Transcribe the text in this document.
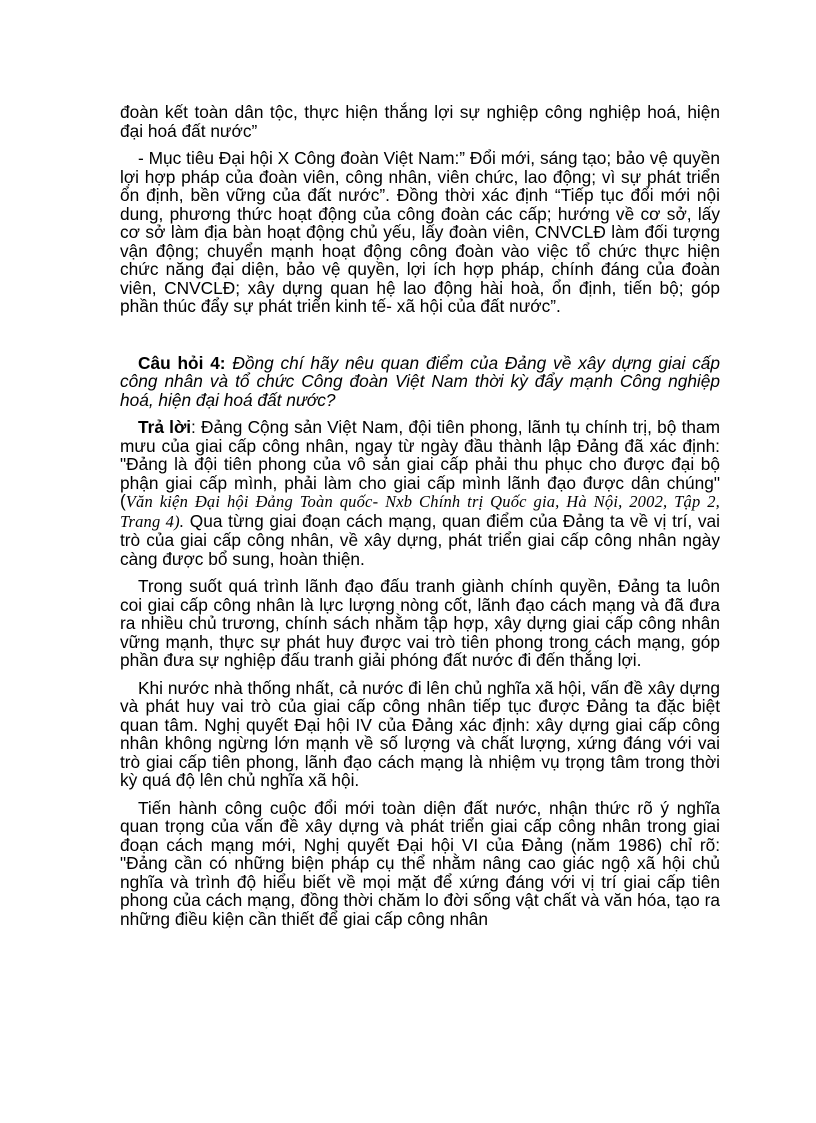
đoàn kết toàn dân tộc, thực hiện thắng lợi sự nghiệp công nghiệp hoá, hiện đại hoá đất nước”

- Mục tiêu Đại hội X Công đoàn Việt Nam:” Đổi mới, sáng tạo; bảo vệ quyền lợi hợp pháp của đoàn viên, công nhân, viên chức, lao động; vì sự phát triển ổn định, bền vững của đất nước”. Đồng thời xác định “Tiếp tục đổi mới nội dung, phương thức hoạt động của công đoàn các cấp; hướng về cơ sở, lấy cơ sở làm địa bàn hoạt động chủ yếu, lấy đoàn viên, CNVCLĐ làm đối tượng vận động; chuyển mạnh hoạt động công đoàn vào việc tổ chức thực hiện chức năng đại diện, bảo vệ quyền, lợi ích hợp pháp, chính đáng của đoàn viên, CNVCLĐ; xây dựng quan hệ lao động hài hoà, ổn định, tiến bộ; góp phần thúc đẩy sự phát triển kinh tế- xã hội của đất nước”.

Câu hỏi 4: Đồng chí hãy nêu quan điểm của Đảng về xây dựng giai cấp công nhân và tổ chức Công đoàn Việt Nam thời kỳ đẩy mạnh Công nghiệp hoá, hiện đại hoá đất nước?

Trả lời: Đảng Cộng sản Việt Nam, đội tiên phong, lãnh tụ chính trị, bộ tham mưu của giai cấp công nhân, ngay từ ngày đầu thành lập Đảng đã xác định: "Đảng là đội tiên phong của vô sản giai cấp phải thu phục cho được đại bộ phận giai cấp mình, phải làm cho giai cấp mình lãnh đạo được dân chúng" (Văn kiện Đại hội Đảng Toàn quốc- Nxb Chính trị Quốc gia, Hà Nội, 2002, Tập 2, Trang 4). Qua từng giai đoạn cách mạng, quan điểm của Đảng ta về vị trí, vai trò của giai cấp công nhân, về xây dựng, phát triển giai cấp công nhân ngày càng được bổ sung, hoàn thiện.

Trong suốt quá trình lãnh đạo đấu tranh giành chính quyền, Đảng ta luôn coi giai cấp công nhân là lực lượng nòng cốt, lãnh đạo cách mạng và đã đưa ra nhiều chủ trương, chính sách nhằm tập hợp, xây dựng giai cấp công nhân vững mạnh, thực sự phát huy được vai trò tiên phong trong cách mạng, góp phần đưa sự nghiệp đấu tranh giải phóng đất nước đi đến thắng lợi.

Khi nước nhà thống nhất, cả nước đi lên chủ nghĩa xã hội, vấn đề xây dựng và phát huy vai trò của giai cấp công nhân tiếp tục được Đảng ta đặc biệt quan tâm. Nghị quyết Đại hội IV của Đảng xác định: xây dựng giai cấp công nhân không ngừng lớn mạnh về số lượng và chất lượng, xứng đáng với vai trò giai cấp tiên phong, lãnh đạo cách mạng là nhiệm vụ trọng tâm trong thời kỳ quá độ lên chủ nghĩa xã hội.

Tiến hành công cuộc đổi mới toàn diện đất nước, nhận thức rõ ý nghĩa quan trọng của vấn đề xây dựng và phát triển giai cấp công nhân trong giai đoạn cách mạng mới, Nghị quyết Đại hội VI của Đảng (năm 1986) chỉ rõ: "Đảng cần có những biện pháp cụ thể nhằm nâng cao giác ngộ xã hội chủ nghĩa và trình độ hiểu biết về mọi mặt để xứng đáng với vị trí giai cấp tiên phong của cách mạng, đồng thời chăm lo đời sống vật chất và văn hóa, tạo ra những điều kiện cần thiết để giai cấp công nhân
